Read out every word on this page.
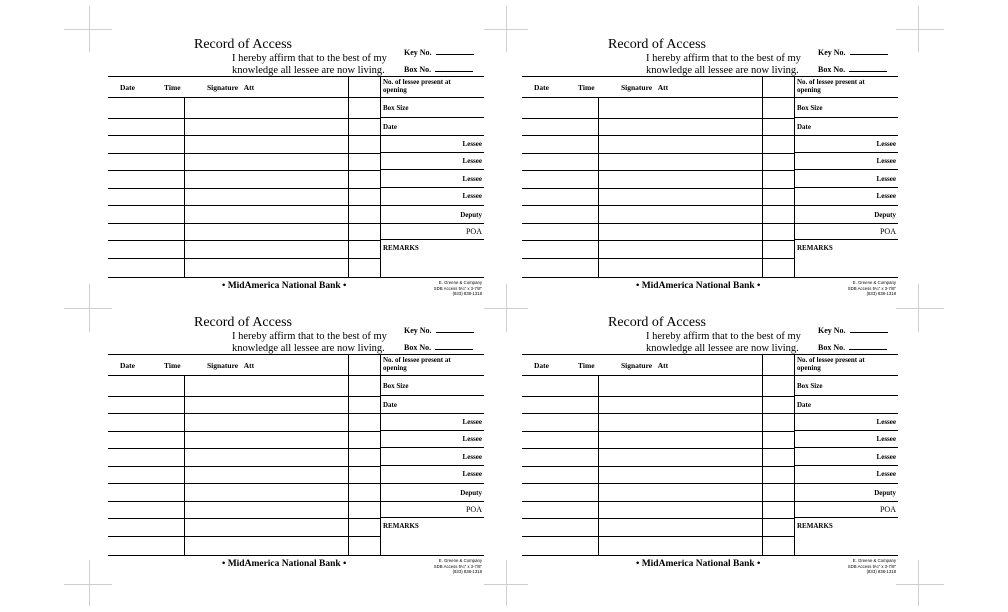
Record of Access
I hereby affirm that to the best of my knowledge all lessee are now living.
Key No.
Box No.
Date	Time	Signature Att
No. of lessee present at opening
Box Size
Date
Lessee
Lessee
Lessee
Lessee
Deputy
POA
REMARKS
• MidAmerica National Bank •	E. Greene & Company
SDB Access 5¼" x 3-7/8"
(833) 838-1318
Record of Access
I hereby affirm that to the best of my knowledge all lessee are now living.
Key No.
Box No.
Date	Time	Signature Att
No. of lessee present at opening
Box Size
Date
Lessee
Lessee
Lessee
Lessee
Deputy
POA
REMARKS
• MidAmerica National Bank •	E. Greene & Company
SDB Access 5¼" x 3-7/8"
(833) 838-1318
Record of Access
I hereby affirm that to the best of my knowledge all lessee are now living.
Key No.
Box No.
Date	Time	Signature Att
No. of lessee present at opening
Box Size
Date
Lessee
Lessee
Lessee
Lessee
Deputy
POA
REMARKS
• MidAmerica National Bank •	E. Greene & Company
SDB Access 5¼" x 3-7/8"
(833) 838-1318
Record of Access
I hereby affirm that to the best of my knowledge all lessee are now living.
Key No.
Box No.
Date	Time	Signature Att
No. of lessee present at opening
Box Size
Date
Lessee
Lessee
Lessee
Lessee
Deputy
POA
REMARKS
• MidAmerica National Bank •	E. Greene & Company
SDB Access 5¼" x 3-7/8"
(833) 838-1318
